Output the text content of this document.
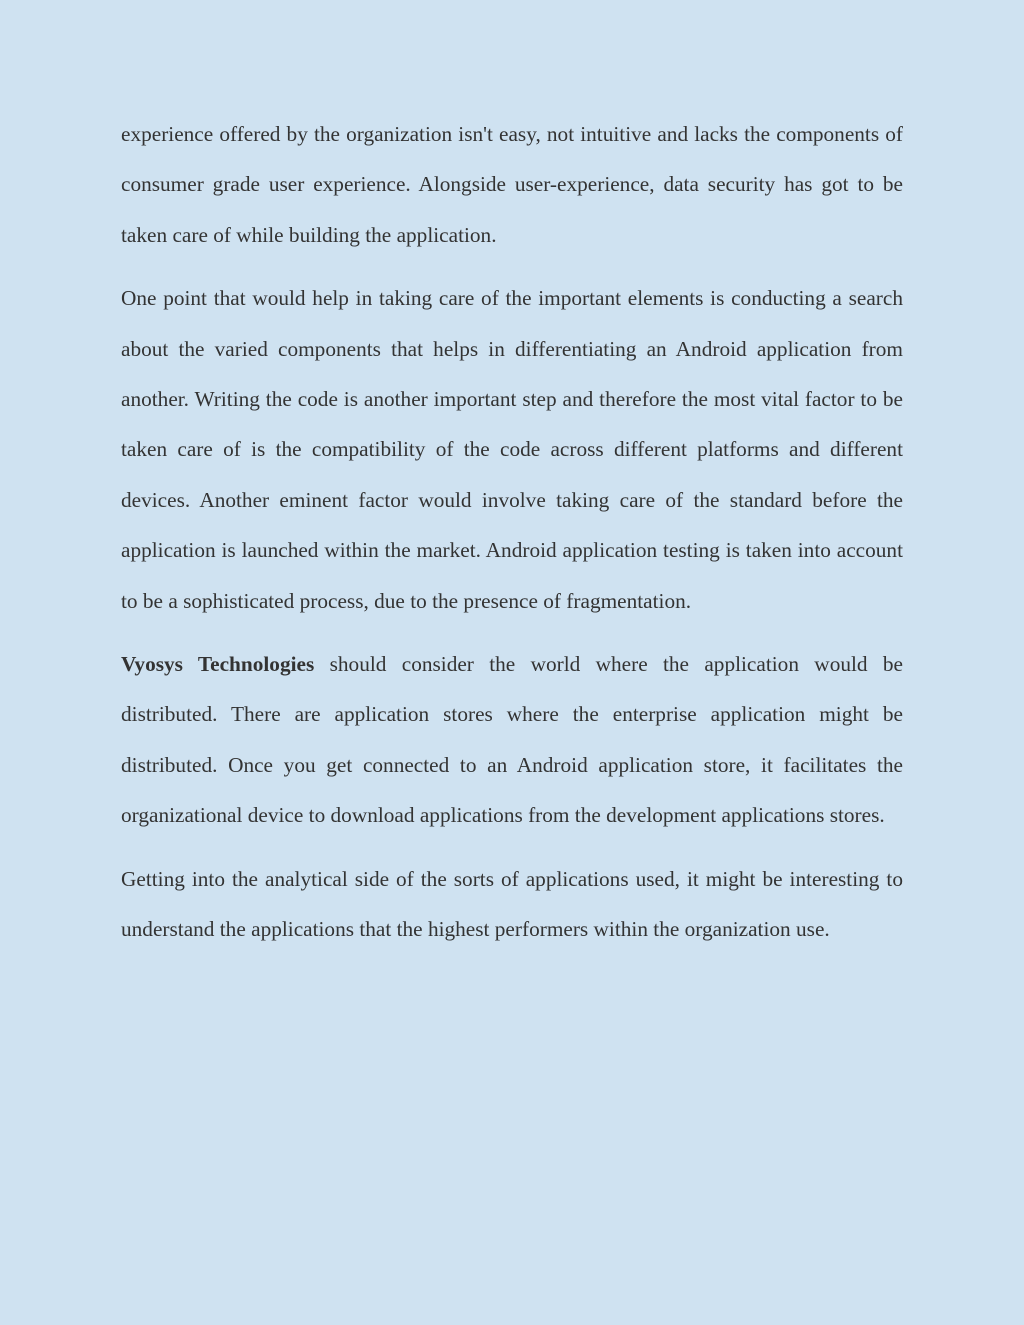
experience offered by the organization isn't easy, not intuitive and lacks the components of consumer grade user experience. Alongside user-experience, data security has got to be taken care of while building the application.

One point that would help in taking care of the important elements is conducting a search about the varied components that helps in differentiating an Android application from another. Writing the code is another important step and therefore the most vital factor to be taken care of is the compatibility of the code across different platforms and different devices. Another eminent factor would involve taking care of the standard before the application is launched within the market. Android application testing is taken into account to be a sophisticated process, due to the presence of fragmentation.

Vyosys Technologies should consider the world where the application would be distributed. There are application stores where the enterprise application might be distributed. Once you get connected to an Android application store, it facilitates the organizational device to download applications from the development applications stores.

Getting into the analytical side of the sorts of applications used, it might be interesting to understand the applications that the highest performers within the organization use.
